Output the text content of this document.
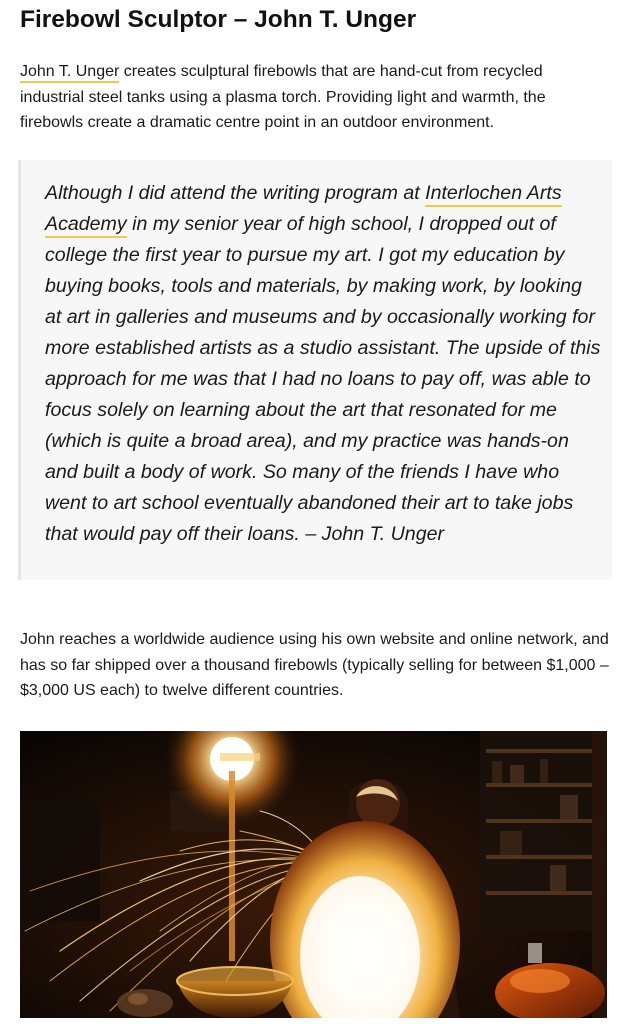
Firebowl Sculptor – John T. Unger

John T. Unger creates sculptural firebowls that are hand-cut from recycled industrial steel tanks using a plasma torch. Providing light and warmth, the firebowls create a dramatic centre point in an outdoor environment.

Although I did attend the writing program at Interlochen Arts Academy in my senior year of high school, I dropped out of college the first year to pursue my art. I got my education by buying books, tools and materials, by making work, by looking at art in galleries and museums and by occasionally working for more established artists as a studio assistant. The upside of this approach for me was that I had no loans to pay off, was able to focus solely on learning about the art that resonated for me (which is quite a broad area), and my practice was hands-on and built a body of work. So many of the friends I have who went to art school eventually abandoned their art to take jobs that would pay off their loans. – John T. Unger

John reaches a worldwide audience using his own website and online network, and has so far shipped over a thousand firebowls (typically selling for between $1,000 – $3,000 US each) to twelve different countries.
